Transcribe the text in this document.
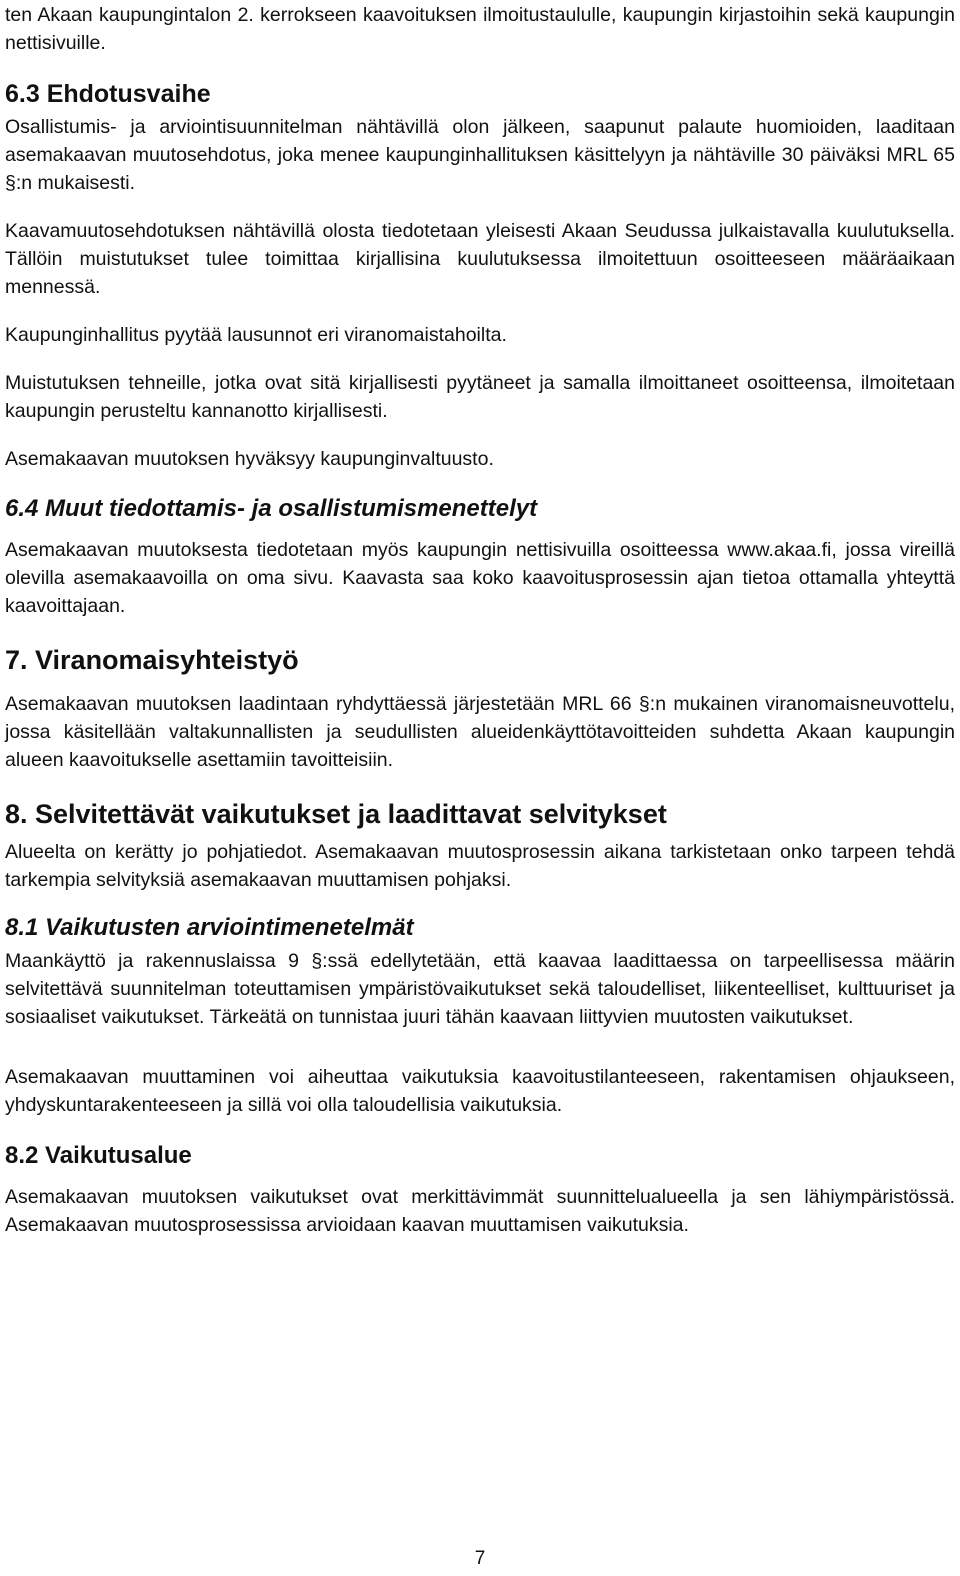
ten Akaan kaupungintalon 2. kerrokseen kaavoituksen ilmoitustaululle, kaupungin kirjastoihin sekä kaupungin nettisivuille.

6.3 Ehdotusvaihe

Osallistumis- ja arviointisuunnitelman nähtävillä olon jälkeen, saapunut palaute huomioiden, laaditaan asemakaavan muutosehdotus, joka menee kaupunginhallituksen käsittelyyn ja nähtäville 30 päiväksi MRL 65 §:n mukaisesti.

Kaavamuutosehdotuksen nähtävillä olosta tiedotetaan yleisesti Akaan Seudussa julkaistavalla kuulutuksella. Tällöin muistutukset tulee toimittaa kirjallisina kuulutuksessa ilmoitettuun osoitteeseen määräaikaan mennessä.

Kaupunginhallitus pyytää lausunnot eri viranomaistahoilta.

Muistutuksen tehneille, jotka ovat sitä kirjallisesti pyytäneet ja samalla ilmoittaneet osoitteensa, ilmoitetaan kaupungin perusteltu kannanotto kirjallisesti.

Asemakaavan muutoksen hyväksyy kaupunginvaltuusto.

6.4 Muut tiedottamis- ja osallistumismenettelyt

Asemakaavan muutoksesta tiedotetaan myös kaupungin nettisivuilla osoitteessa www.akaa.fi, jossa vireillä olevilla asemakaavoilla on oma sivu. Kaavasta saa koko kaavoitusprosessin ajan tietoa ottamalla yhteyttä kaavoittajaan.

7. Viranomaisyhteistyö

Asemakaavan muutoksen laadintaan ryhdyttäessä järjestetään MRL 66 §:n mukainen viranomaisneuvottelu, jossa käsitellään valtakunnallisten ja seudullisten alueidenkäyttötavoitteiden suhdetta Akaan kaupungin alueen kaavoitukselle asettamiin tavoitteisiin.

8. Selvitettävät vaikutukset ja laadittavat selvitykset

Alueelta on kerätty jo pohjatiedot. Asemakaavan muutosprosessin aikana tarkistetaan onko tarpeen tehdä tarkempia selvityksiä asemakaavan muuttamisen pohjaksi.

8.1 Vaikutusten arviointimenetelmät

Maankäyttö ja rakennuslaissa 9 §:ssä edellytetään, että kaavaa laadittaessa on tarpeellisessa määrin selvitettävä suunnitelman toteuttamisen ympäristövaikutukset sekä taloudelliset, liikenteelliset, kulttuuriset ja sosiaaliset vaikutukset. Tärkeätä on tunnistaa juuri tähän kaavaan liittyvien muutosten vaikutukset.

Asemakaavan muuttaminen voi aiheuttaa vaikutuksia kaavoitustilanteeseen, rakentamisen ohjaukseen, yhdyskuntarakenteeseen ja sillä voi olla taloudellisia vaikutuksia.

8.2 Vaikutusalue

Asemakaavan muutoksen vaikutukset ovat merkittävimmät suunnittelualueella ja sen lähiympäristössä. Asemakaavan muutosprosessissa arvioidaan kaavan muuttamisen vaikutuksia.

7
